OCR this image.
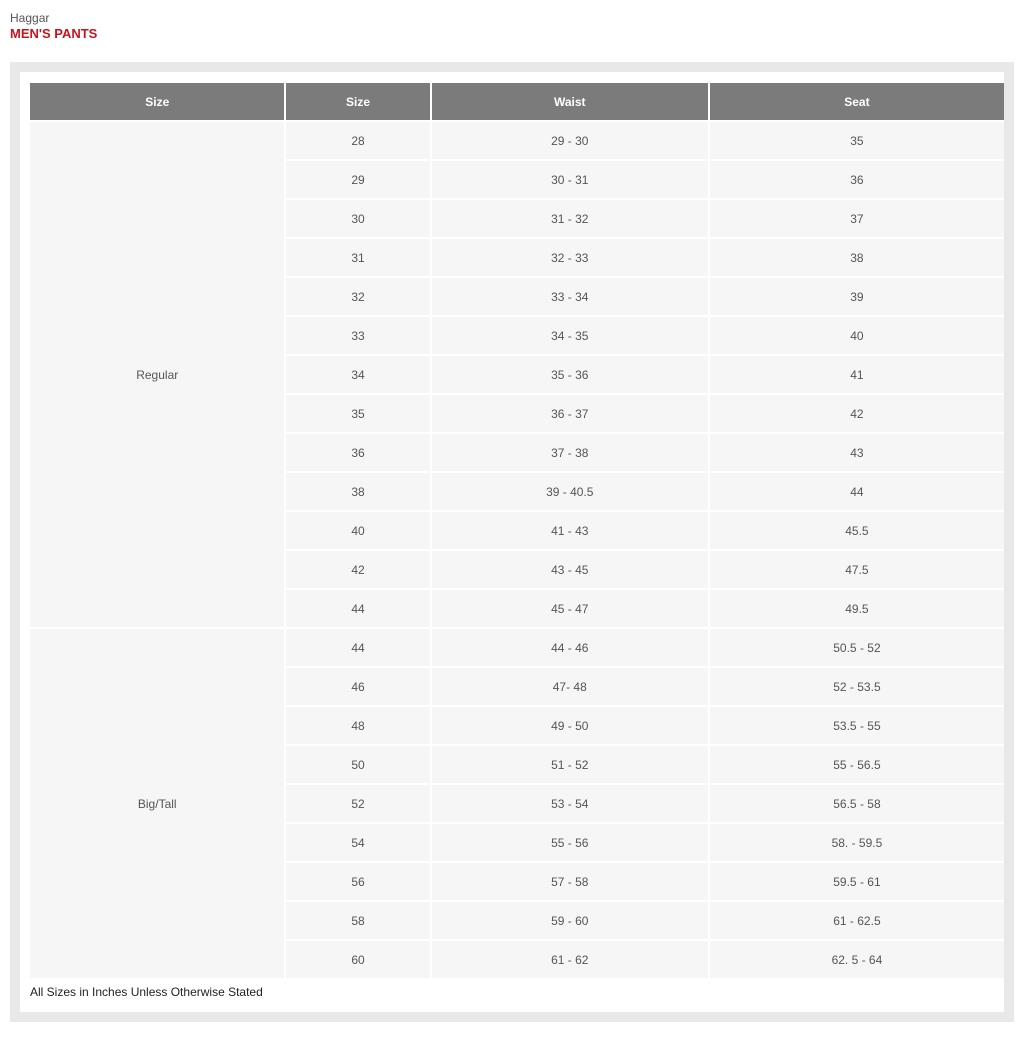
Haggar
MEN'S PANTS
Size	Size	Waist	Seat
Regular	28	29 - 30	35
	29	30 - 31	36
	30	31 - 32	37
	31	32 - 33	38
	32	33 - 34	39
	33	34 - 35	40
	34	35 - 36	41
	35	36 - 37	42
	36	37 - 38	43
	38	39 - 40.5	44
	40	41 - 43	45.5
	42	43 - 45	47.5
	44	45 - 47	49.5
Big/Tall	44	44 - 46	50.5 - 52
	46	47- 48	52 - 53.5
	48	49 - 50	53.5 - 55
	50	51 - 52	55 - 56.5
	52	53 - 54	56.5 - 58
	54	55 - 56	58. - 59.5
	56	57 - 58	59.5 - 61
	58	59 - 60	61 - 62.5
	60	61 - 62	62. 5 - 64
All Sizes in Inches Unless Otherwise Stated
